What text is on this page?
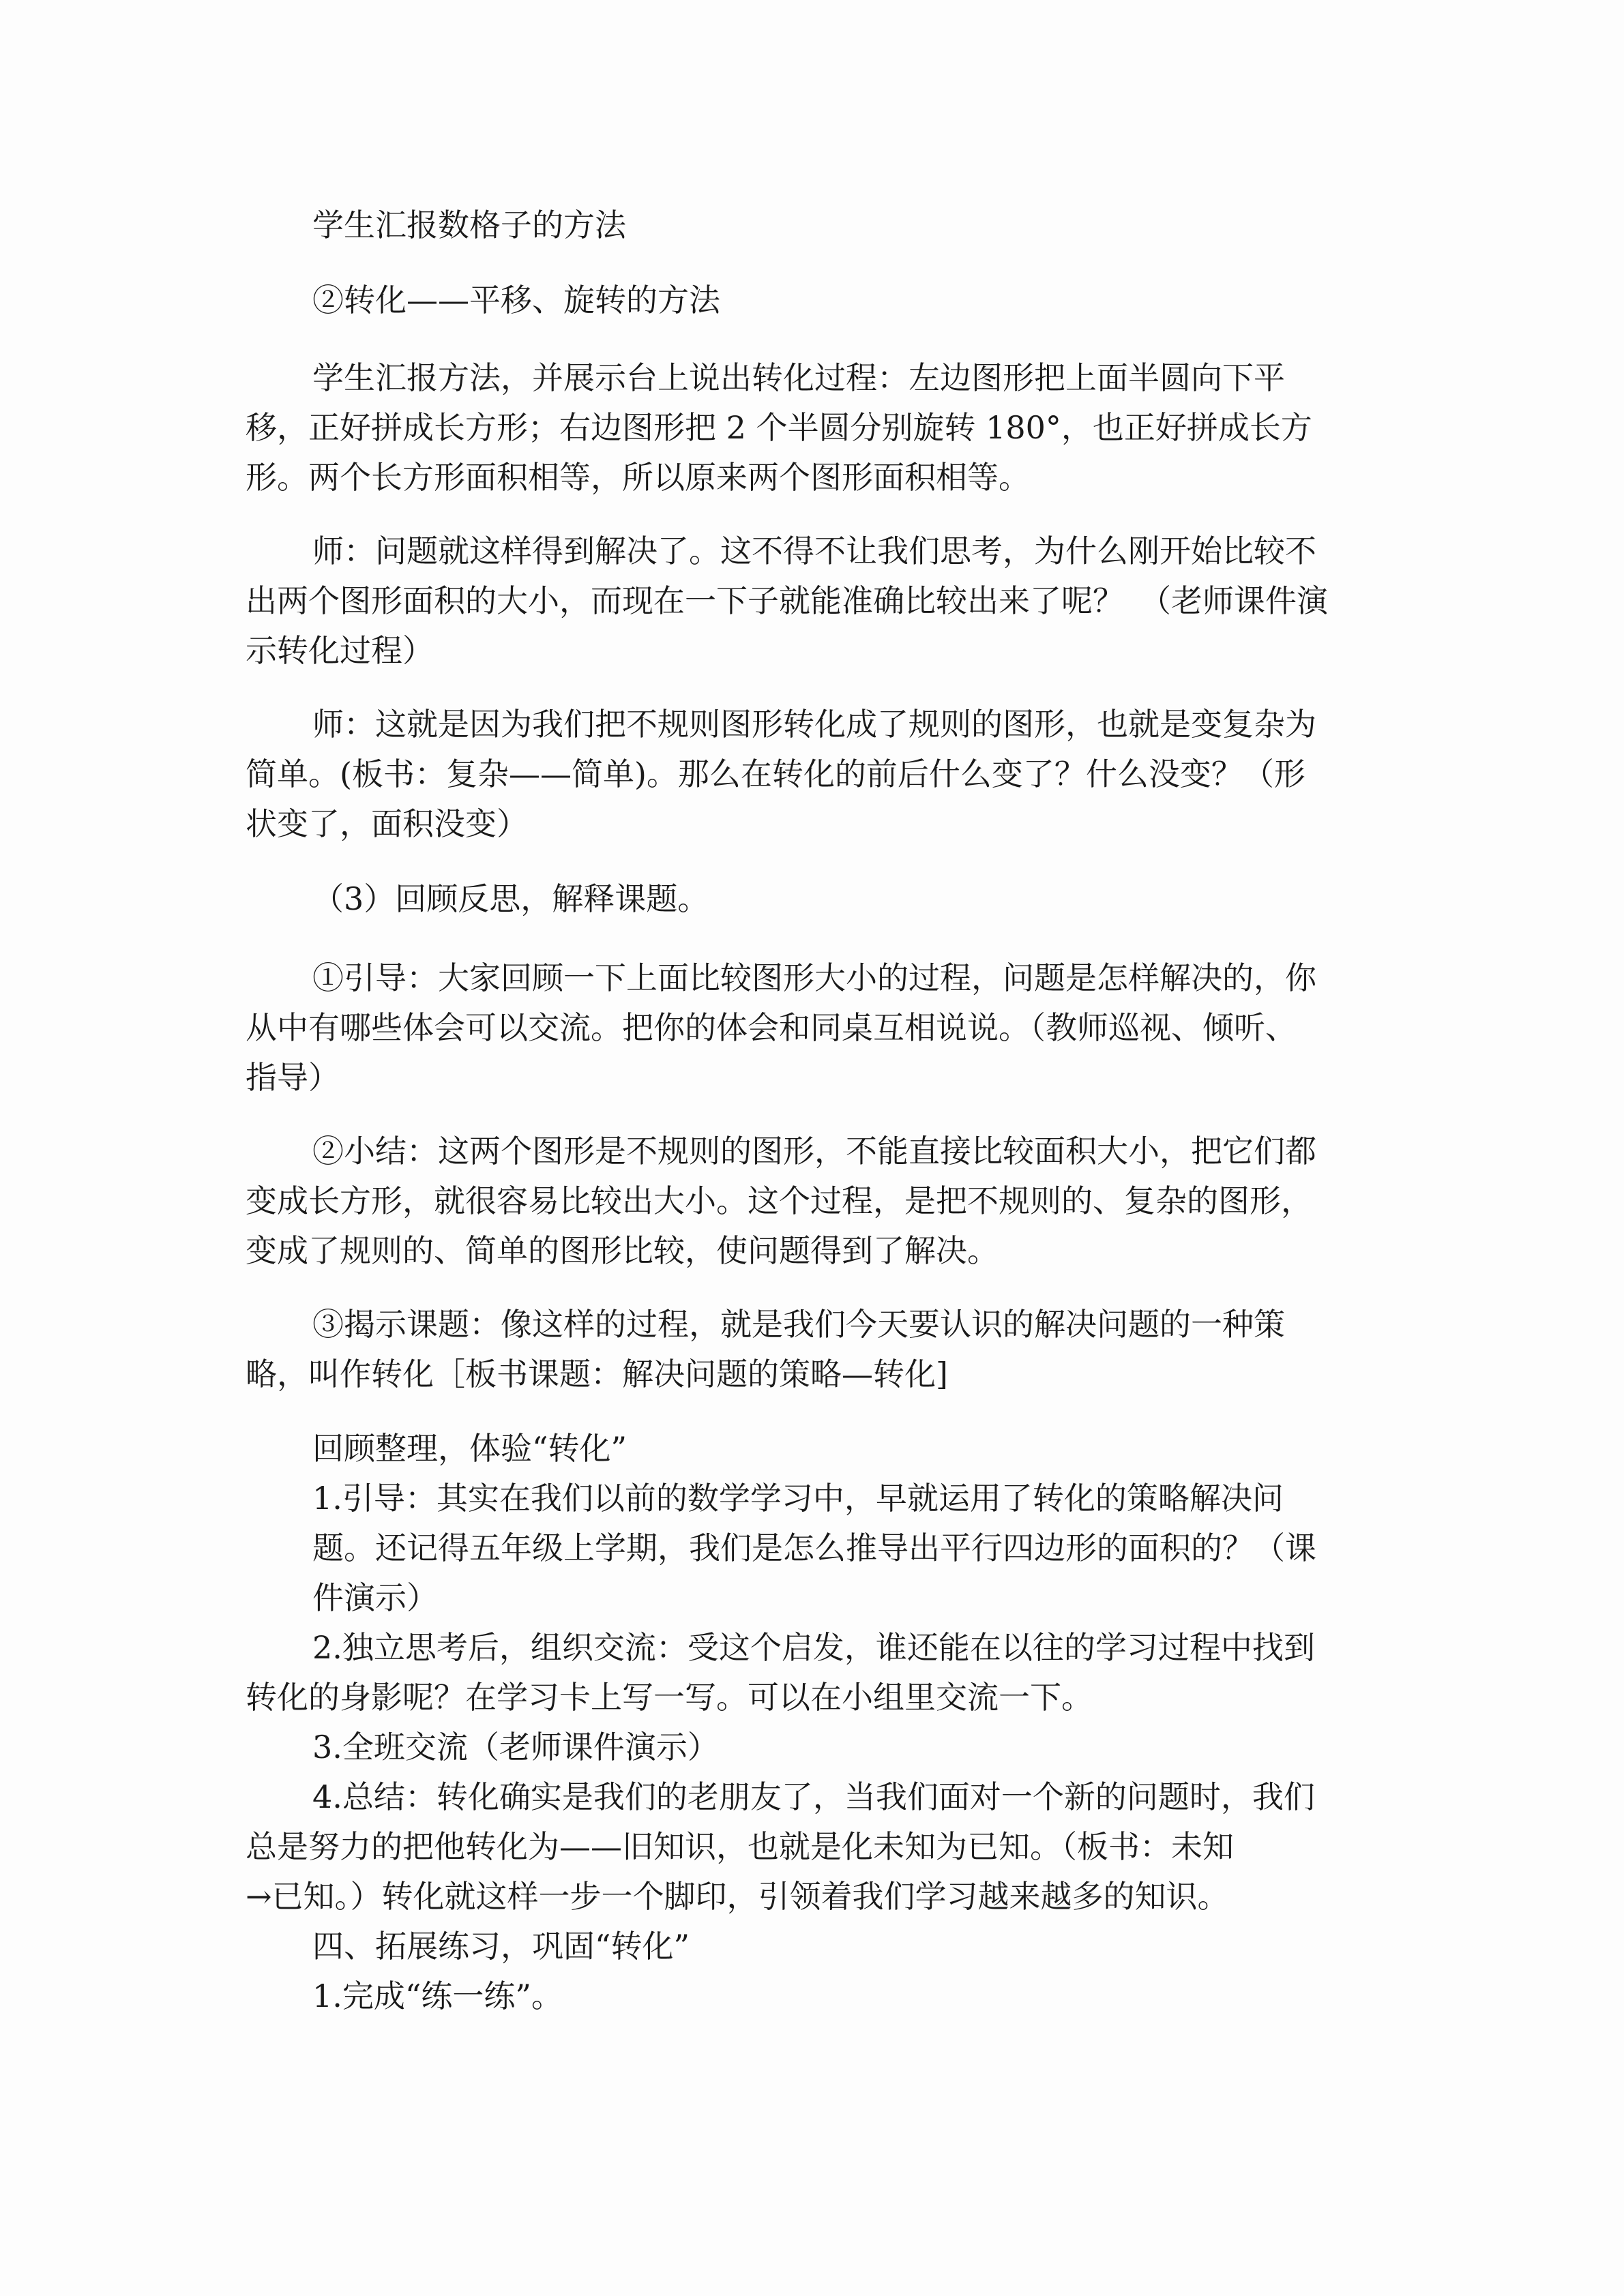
学生汇报数格子的方法

②转化——平移、旋转的方法

学生汇报方法，并展示台上说出转化过程：左边图形把上面半圆向下平
移，正好拼成长方形；右边图形把 2 个半圆分别旋转 180°，也正好拼成长方
形。两个长方形面积相等，所以原来两个图形面积相等。

师：问题就这样得到解决了。这不得不让我们思考，为什么刚开始比较不
出两个图形面积的大小，而现在一下子就能准确比较出来了呢？　（老师课件演
示转化过程）

师：这就是因为我们把不规则图形转化成了规则的图形，也就是变复杂为
简单。(板书：复杂——简单)。那么在转化的前后什么变了？什么没变？（形
状变了，面积没变）

（3）回顾反思，解释课题。

①引导：大家回顾一下上面比较图形大小的过程，问题是怎样解决的，你
从中有哪些体会可以交流。把你的体会和同桌互相说说。（教师巡视、倾听、
指导）

②小结：这两个图形是不规则的图形，不能直接比较面积大小，把它们都
变成长方形，就很容易比较出大小。这个过程，是把不规则的、复杂的图形，
变成了规则的、简单的图形比较，使问题得到了解决。

③揭示课题：像这样的过程，就是我们今天要认识的解决问题的一种策
略，叫作转化［板书课题：解决问题的策略—转化]

回顾整理，体验“转化”

1.引导：其实在我们以前的数学学习中，早就运用了转化的策略解决问
题。还记得五年级上学期，我们是怎么推导出平行四边形的面积的？（课
件演示）

2.独立思考后，组织交流：受这个启发，谁还能在以往的学习过程中找到
转化的身影呢？在学习卡上写一写。可以在小组里交流一下。

3.全班交流（老师课件演示）

4.总结：转化确实是我们的老朋友了，当我们面对一个新的问题时，我们
总是努力的把他转化为——旧知识，也就是化未知为已知。（板书：未知
→已知。）转化就这样一步一个脚印，引领着我们学习越来越多的知识。

四、拓展练习，巩固“转化”

1.完成“练一练”。
